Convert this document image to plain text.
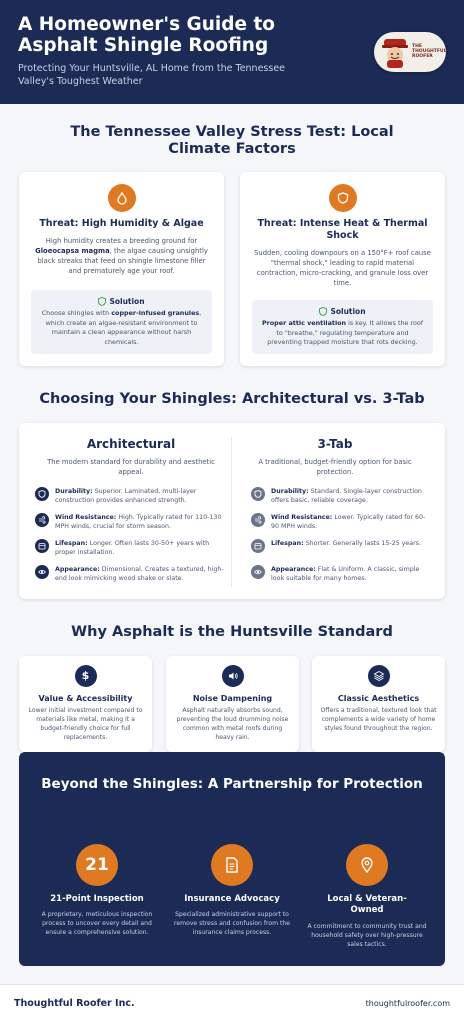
A Homeowner's Guide to Asphalt Shingle Roofing

Protecting Your Huntsville, AL Home from the Tennessee Valley's Toughest Weather

THE THOUGHTFUL ROOFER
The Tennessee Valley Stress Test: Local Climate Factors
Threat: High Humidity & Algae
High humidity creates a breeding ground for Gloeocapsa magma, the algae causing unsightly black streaks that feed on shingle limestone filler and prematurely age your roof.
Solution
Choose shingles with copper-infused granules, which create an algae-resistant environment to maintain a clean appearance without harsh chemicals.
Threat: Intense Heat & Thermal Shock
Sudden, cooling downpours on a 150°F+ roof cause "thermal shock," leading to rapid material contraction, micro-cracking, and granule loss over time.
Solution
Proper attic ventilation is key. It allows the roof to "breathe," regulating temperature and preventing trapped moisture that rots decking.
Choosing Your Shingles: Architectural vs. 3-Tab
Architectural
The modern standard for durability and aesthetic appeal.
3-Tab
A traditional, budget-friendly option for basic protection.
Durability: Superior. Laminated, multi-layer construction provides enhanced strength.
Wind Resistance: High. Typically rated for 110-130 MPH winds, crucial for storm season.
Lifespan: Longer. Often lasts 30-50+ years with proper installation.
Appearance: Dimensional. Creates a textured, high-end look mimicking wood shake or slate.
Durability: Standard. Single-layer construction offers basic, reliable coverage.
Wind Resistance: Lower. Typically rated for 60-90 MPH winds.
Lifespan: Shorter. Generally lasts 15-25 years.
Appearance: Flat & Uniform. A classic, simple look suitable for many homes.
Why Asphalt is the Huntsville Standard
$
Value & Accessibility
Lower initial investment compared to materials like metal, making it a budget-friendly choice for full replacements.
Noise Dampening
Asphalt naturally absorbs sound, preventing the loud drumming noise common with metal roofs during heavy rain.
Classic Aesthetics
Offers a traditional, textured look that complements a wide variety of home styles found throughout the region.
Beyond the Shingles: A Partnership for Protection
21
21-Point Inspection
A proprietary, meticulous inspection process to uncover every detail and ensure a comprehensive solution.
Insurance Advocacy
Specialized administrative support to remove stress and confusion from the insurance claims process.
Local & Veteran-Owned
A commitment to community trust and household safety over high-pressure sales tactics.
Thoughtful Roofer Inc.	thoughtfulroofer.com
